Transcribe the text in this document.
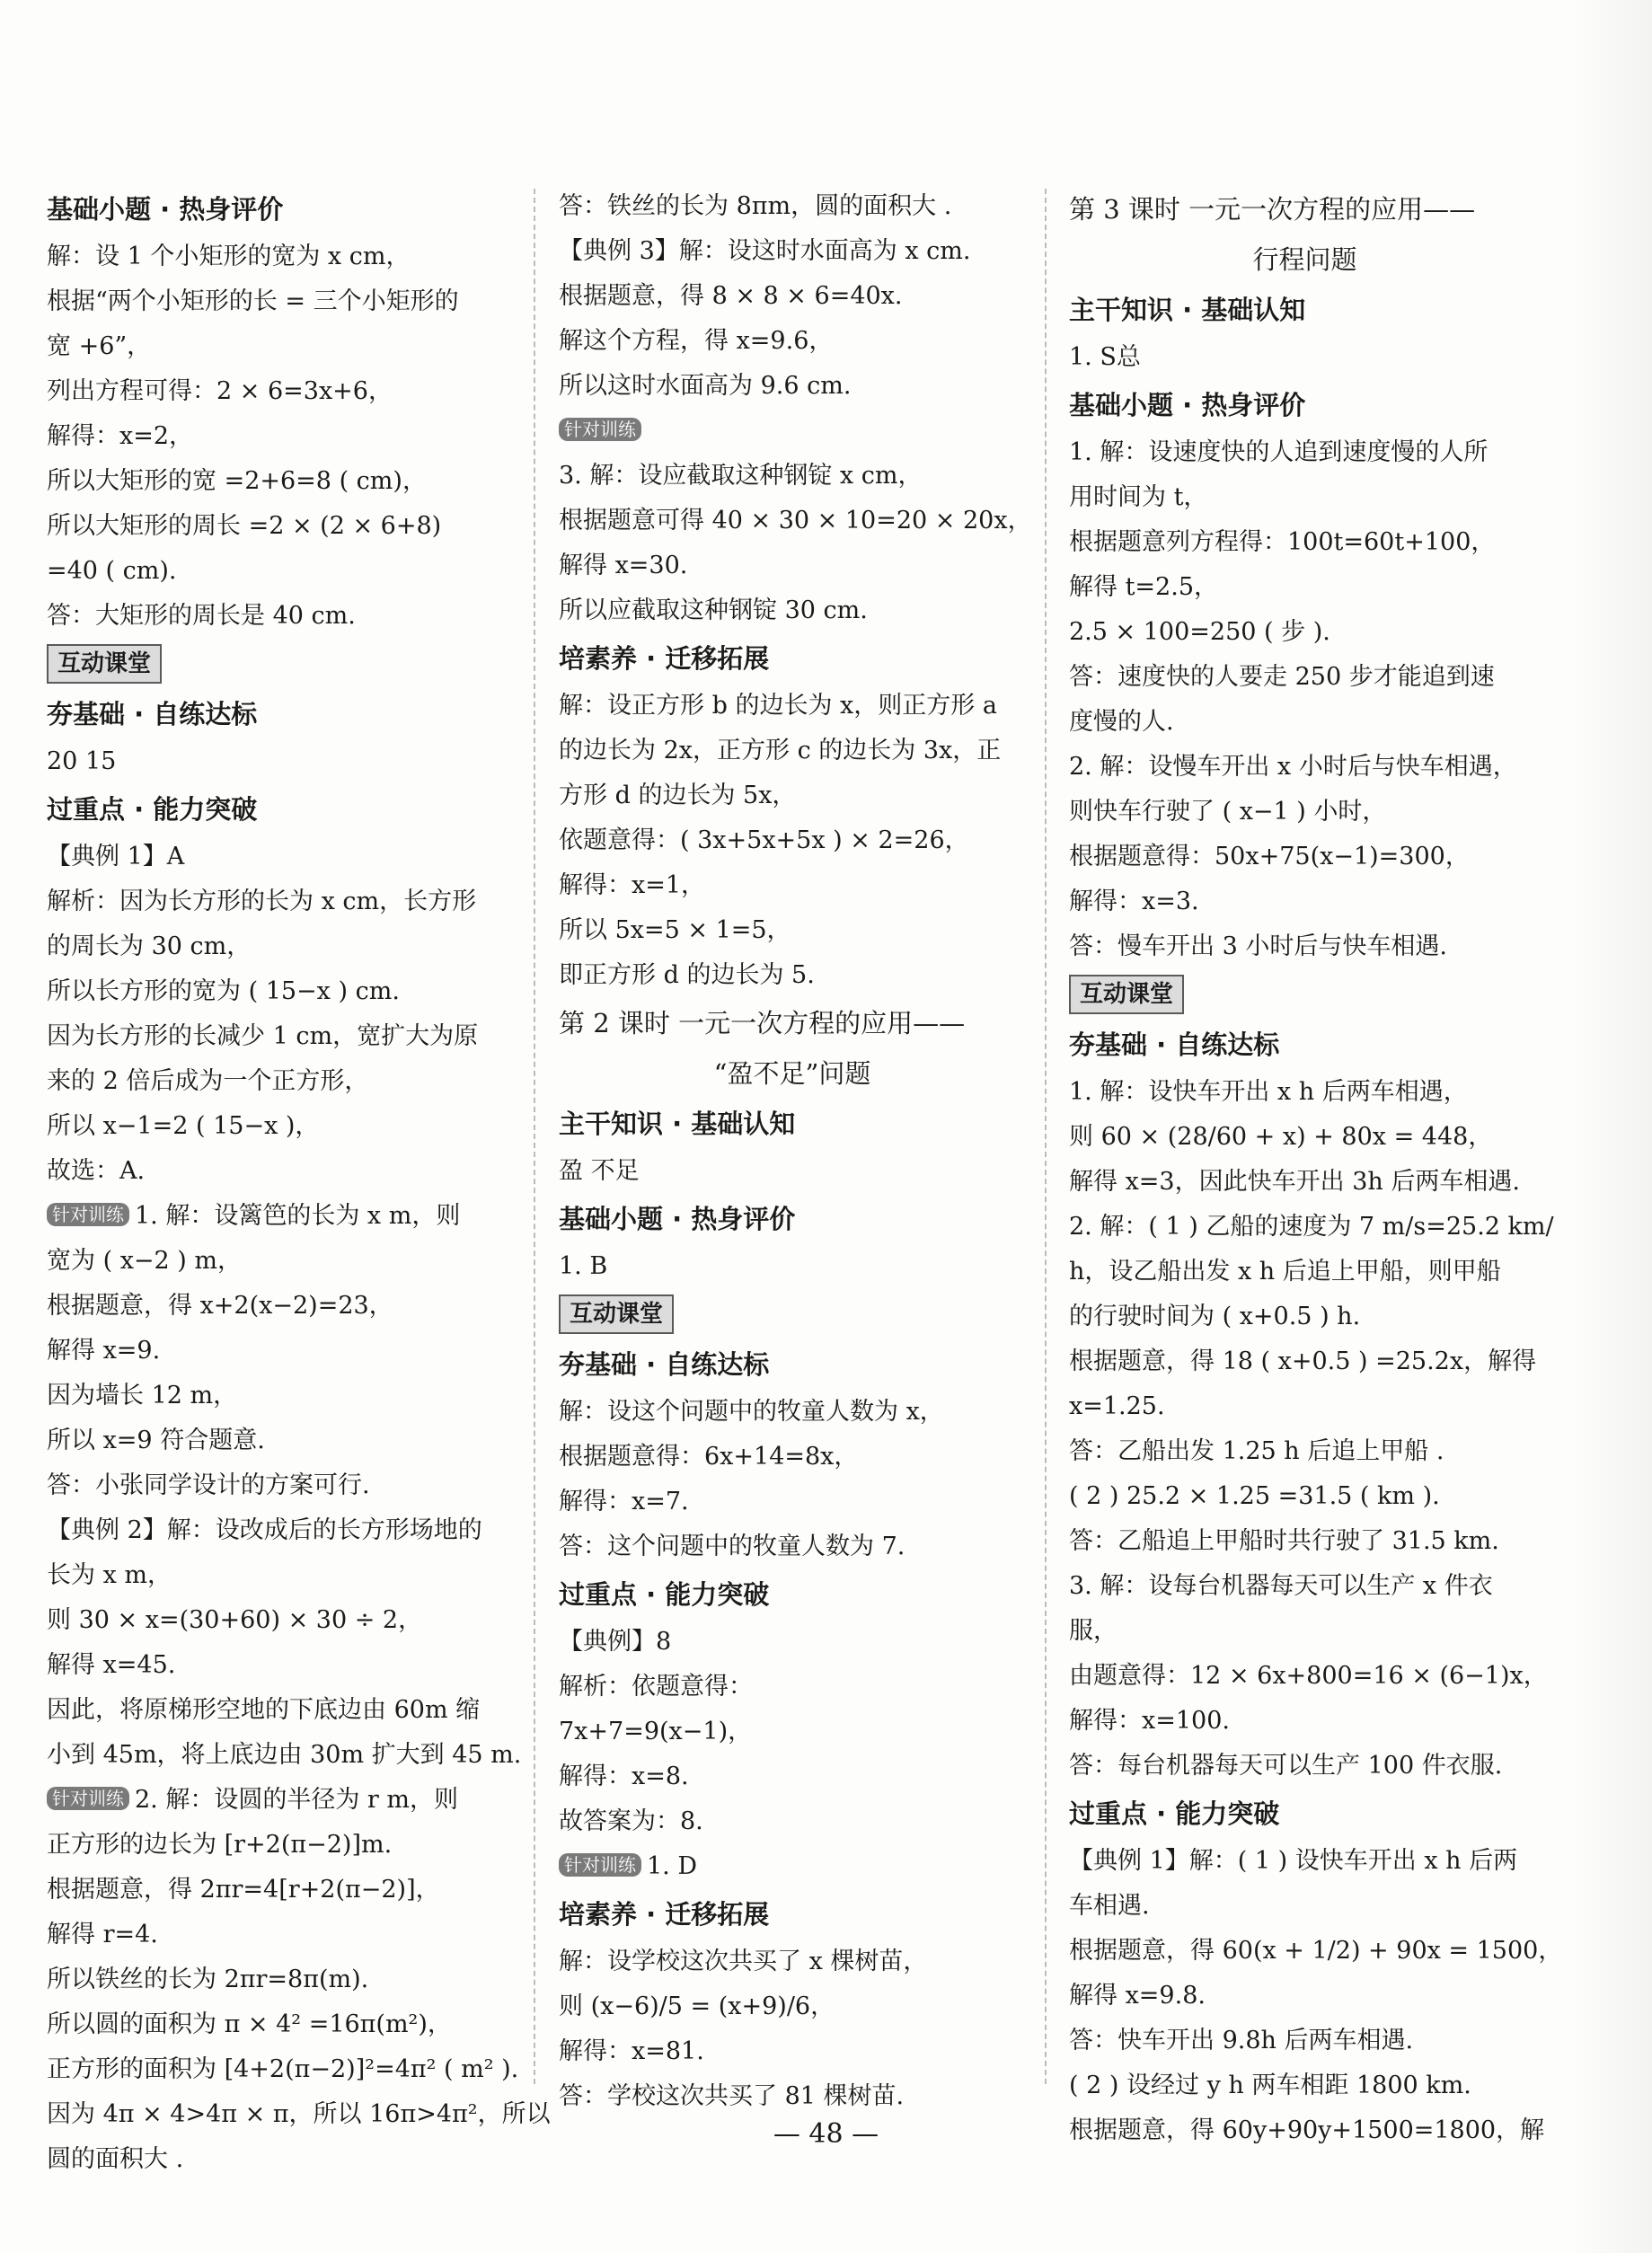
基础小题 · 热身评价
解：设 1 个小矩形的宽为 x cm，
根据“两个小矩形的长 = 三个小矩形的
宽 +6”，
列出方程可得：2 × 6=3x+6，
解得：x=2，
所以大矩形的宽 =2+6=8 ( cm)，
所以大矩形的周长 =2 × (2 × 6+8)
=40 ( cm).
答：大矩形的周长是 40 cm.
互动课堂
夯基础 · 自练达标
20 15
过重点 · 能力突破
【典例 1】A
解析：因为长方形的长为 x cm，长方形
的周长为 30 cm，
所以长方形的宽为 ( 15−x ) cm.
因为长方形的长减少 1 cm，宽扩大为原
来的 2 倍后成为一个正方形，
所以 x−1=2 ( 15−x )，
故选：A.
针对训练 1. 解：设篱笆的长为 x m，则
宽为 ( x−2 ) m，
根据题意，得 x+2(x−2)=23，
解得 x=9.
因为墙长 12 m，
所以 x=9 符合题意.
答：小张同学设计的方案可行.
【典例 2】解：设改成后的长方形场地的
长为 x m，
则 30 × x=(30+60) × 30 ÷ 2，
解得 x=45.
因此，将原梯形空地的下底边由 60m 缩
小到 45m，将上底边由 30m 扩大到 45 m.
针对训练 2. 解：设圆的半径为 r m，则
正方形的边长为 [r+2(π−2)]m.
根据题意，得 2πr=4[r+2(π−2)]，
解得 r=4.
所以铁丝的长为 2πr=8π(m).
所以圆的面积为 π × 4² =16π(m²)，
正方形的面积为 [4+2(π−2)]²=4π² ( m² ).
因为 4π × 4>4π × π，所以 16π>4π²，所以
圆的面积大 .
答：铁丝的长为 8πm，圆的面积大 .
【典例 3】解：设这时水面高为 x cm.
根据题意，得 8 × 8 × 6=40x.
解这个方程，得 x=9.6，
所以这时水面高为 9.6 cm.
针对训练
3. 解：设应截取这种钢锭 x cm，
根据题意可得 40 × 30 × 10=20 × 20x，
解得 x=30.
所以应截取这种钢锭 30 cm.
培素养 · 迁移拓展
解：设正方形 b 的边长为 x，则正方形 a
的边长为 2x，正方形 c 的边长为 3x，正
方形 d 的边长为 5x，
依题意得：( 3x+5x+5x ) × 2=26，
解得：x=1，
所以 5x=5 × 1=5，
即正方形 d 的边长为 5.
第 2 课时 一元一次方程的应用——
“盈不足”问题
主干知识 · 基础认知
盈 不足
基础小题 · 热身评价
1. B
互动课堂
夯基础 · 自练达标
解：设这个问题中的牧童人数为 x，
根据题意得：6x+14=8x，
解得：x=7.
答：这个问题中的牧童人数为 7.
过重点 · 能力突破
【典例】8
解析：依题意得：
7x+7=9(x−1)，
解得：x=8.
故答案为：8.
针对训练 1. D
培素养 · 迁移拓展
解：设学校这次共买了 x 棵树苗，
则 (x−6)/5 = (x+9)/6，
解得：x=81.
答：学校这次共买了 81 棵树苗.
第 3 课时 一元一次方程的应用——
行程问题
主干知识 · 基础认知
1. S总
基础小题 · 热身评价
1. 解：设速度快的人追到速度慢的人所
用时间为 t，
根据题意列方程得：100t=60t+100，
解得 t=2.5，
2.5 × 100=250 ( 步 ).
答：速度快的人要走 250 步才能追到速
度慢的人.
2. 解：设慢车开出 x 小时后与快车相遇，
则快车行驶了 ( x−1 ) 小时，
根据题意得：50x+75(x−1)=300，
解得：x=3.
答：慢车开出 3 小时后与快车相遇.
互动课堂
夯基础 · 自练达标
1. 解：设快车开出 x h 后两车相遇，
则 60 × (28/60 + x) + 80x = 448，
解得 x=3，因此快车开出 3h 后两车相遇.
2. 解：( 1 ) 乙船的速度为 7 m/s=25.2 km/
h，设乙船出发 x h 后追上甲船，则甲船
的行驶时间为 ( x+0.5 ) h.
根据题意，得 18 ( x+0.5 ) =25.2x，解得
x=1.25.
答：乙船出发 1.25 h 后追上甲船 .
( 2 ) 25.2 × 1.25 =31.5 ( km ).
答：乙船追上甲船时共行驶了 31.5 km.
3. 解：设每台机器每天可以生产 x 件衣
服，
由题意得：12 × 6x+800=16 × (6−1)x，
解得：x=100.
答：每台机器每天可以生产 100 件衣服.
过重点 · 能力突破
【典例 1】解：( 1 ) 设快车开出 x h 后两
车相遇.
根据题意，得 60(x + 1/2) + 90x = 1500，
解得 x=9.8.
答：快车开出 9.8h 后两车相遇.
( 2 ) 设经过 y h 两车相距 1800 km.
根据题意，得 60y+90y+1500=1800，解
— 48 —
